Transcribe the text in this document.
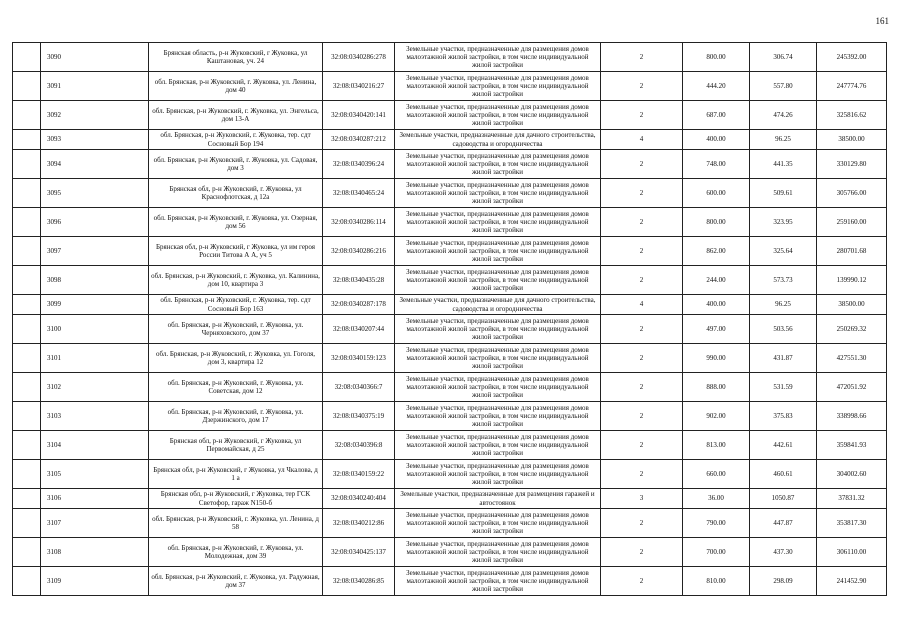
161
	3090	Брянская область, р-н Жуковский, г Жуковка, ул Каштановая, уч. 24	32:08:0340286:278	Земельные участки, предназначенные для размещения домов малоэтажной жилой застройки, в том числе индивидуальной жилой застройки	2	800.00	306.74	245392.00
	3091	обл. Брянская, р-н Жуковский, г. Жуковка, ул. Ленина, дом 40	32:08:0340216:27	Земельные участки, предназначенные для размещения домов малоэтажной жилой застройки, в том числе индивидуальной жилой застройки	2	444.20	557.80	247774.76
	3092	обл. Брянская, р-н Жуковский, г. Жуковка, ул. Энгельса, дом 13-А	32:08:0340420:141	Земельные участки, предназначенные для размещения домов малоэтажной жилой застройки, в том числе индивидуальной жилой застройки	2	687.00	474.26	325816.62
	3093	обл. Брянская, р-н Жуковский, г. Жуковка, тер. сдт Сосновый Бор 194	32:08:0340287:212	Земельные участки, предназначенные для дачного строительства, садоводства и огородничества	4	400.00	96.25	38500.00
	3094	обл. Брянская, р-н Жуковский, г. Жуковка, ул. Садовая, дом 3	32:08:0340396:24	Земельные участки, предназначенные для размещения домов малоэтажной жилой застройки, в том числе индивидуальной жилой застройки	2	748.00	441.35	330129.80
	3095	Брянская обл, р-н Жуковский, г. Жуковка, ул Краснофлотская, д 12а	32:08:0340465:24	Земельные участки, предназначенные для размещения домов малоэтажной жилой застройки, в том числе индивидуальной жилой застройки	2	600.00	509.61	305766.00
	3096	обл. Брянская, р-н Жуковский, г. Жуковка, ул. Озерная, дом 56	32:08:0340286:114	Земельные участки, предназначенные для размещения домов малоэтажной жилой застройки, в том числе индивидуальной жилой застройки	2	800.00	323.95	259160.00
	3097	Брянская обл, р-н Жуковский, г Жуковка, ул им героя России Титова А А, уч 5	32:08:0340286:216	Земельные участки, предназначенные для размещения домов малоэтажной жилой застройки, в том числе индивидуальной жилой застройки	2	862.00	325.64	280701.68
	3098	обл. Брянская, р-н Жуковский, г. Жуковка, ул. Калинина, дом 10, квартира 3	32:08:0340435:28	Земельные участки, предназначенные для размещения домов малоэтажной жилой застройки, в том числе индивидуальной жилой застройки	2	244.00	573.73	139990.12
	3099	обл. Брянская, р-н Жуковский, г. Жуковка, тер. сдт Сосновый Бор 163	32:08:0340287:178	Земельные участки, предназначенные для дачного строительства, садоводства и огородничества	4	400.00	96.25	38500.00
	3100	обл. Брянская, р-н Жуковский, г. Жуковка, ул. Черняховского, дом 37	32:08:0340207:44	Земельные участки, предназначенные для размещения домов малоэтажной жилой застройки, в том числе индивидуальной жилой застройки	2	497.00	503.56	250269.32
	3101	обл. Брянская, р-н Жуковский, г. Жуковка, ул. Гоголя, дом 3, квартира 12	32:08:0340159:123	Земельные участки, предназначенные для размещения домов малоэтажной жилой застройки, в том числе индивидуальной жилой застройки	2	990.00	431.87	427551.30
	3102	обл. Брянская, р-н Жуковский, г. Жуковка, ул. Советская, дом 12	32:08:0340366:7	Земельные участки, предназначенные для размещения домов малоэтажной жилой застройки, в том числе индивидуальной жилой застройки	2	888.00	531.59	472051.92
	3103	обл. Брянская, р-н Жуковский, г. Жуковка, ул. Дзержинского, дом 17	32:08:0340375:19	Земельные участки, предназначенные для размещения домов малоэтажной жилой застройки, в том числе индивидуальной жилой застройки	2	902.00	375.83	338998.66
	3104	Брянская обл, р-н Жуковский, г Жуковка, ул Первомайская, д 25	32:08:0340396:8	Земельные участки, предназначенные для размещения домов малоэтажной жилой застройки, в том числе индивидуальной жилой застройки	2	813.00	442.61	359841.93
	3105	Брянская обл, р-н Жуковский, г Жуковка, ул Чкалова, д 1 а	32:08:0340159:22	Земельные участки, предназначенные для размещения домов малоэтажной жилой застройки, в том числе индивидуальной жилой застройки	2	660.00	460.61	304002.60
	3106	Брянская обл, р-н Жуковский, г Жуковка, тер ГСК Светофор, гараж N150-б	32:08:0340240:404	Земельные участки, предназначенные для размещения гаражей и автостоянок	3	36.00	1050.87	37831.32
	3107	обл. Брянская, р-н Жуковский, г. Жуковка, ул. Ленина, д 58	32:08:0340212:86	Земельные участки, предназначенные для размещения домов малоэтажной жилой застройки, в том числе индивидуальной жилой застройки	2	790.00	447.87	353817.30
	3108	обл. Брянская, р-н Жуковский, г. Жуковка, ул. Молодежная, дом 39	32:08:0340425:137	Земельные участки, предназначенные для размещения домов малоэтажной жилой застройки, в том числе индивидуальной жилой застройки	2	700.00	437.30	306110.00
	3109	обл. Брянская, р-н Жуковский, г. Жуковка, ул. Радужная, дом 37	32:08:0340286:85	Земельные участки, предназначенные для размещения домов малоэтажной жилой застройки, в том числе индивидуальной жилой застройки	2	810.00	298.09	241452.90
